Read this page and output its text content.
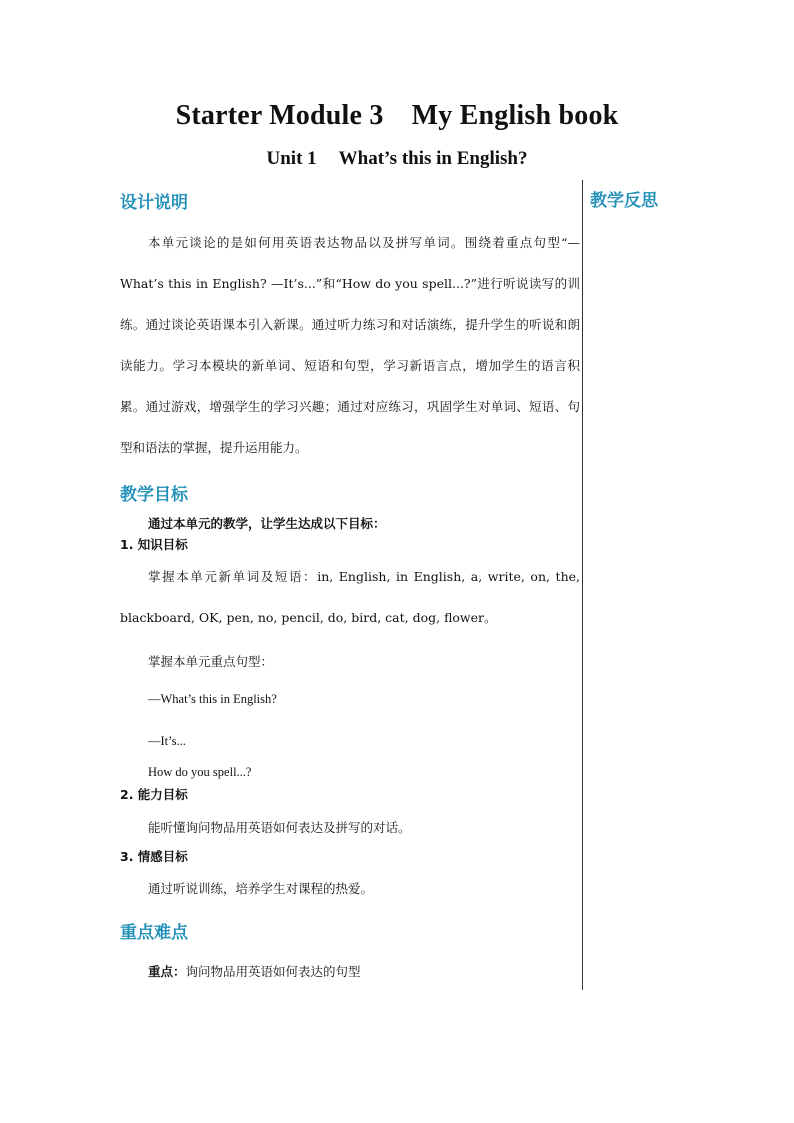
Starter Module 3 My English book
Unit 1 What’s this in English?
教学反思
设计说明
本单元谈论的是如何用英语表达物品以及拼写单词。围绕着重点句型“—What’s this in English? —It’s...”和“How do you spell...?”进行听说读写的训练。通过谈论英语课本引入新课。通过听力练习和对话演练，提升学生的听说和朗读能力。学习本模块的新单词、短语和句型，学习新语言点，增加学生的语言积累。通过游戏，增强学生的学习兴趣；通过对应练习，巩固学生对单词、短语、句型和语法的掌握，提升运用能力。
教学目标
通过本单元的教学，让学生达成以下目标：
1. 知识目标
掌握本单元新单词及短语：in, English, in English, a, write, on, the, blackboard, OK, pen, no, pencil, do, bird, cat, dog, flower。
掌握本单元重点句型：
—What’s this in English?
—It’s...
How do you spell...?
2. 能力目标
能听懂询问物品用英语如何表达及拼写的对话。
3. 情感目标
通过听说训练，培养学生对课程的热爱。
重点难点
重点：询问物品用英语如何表达的句型
